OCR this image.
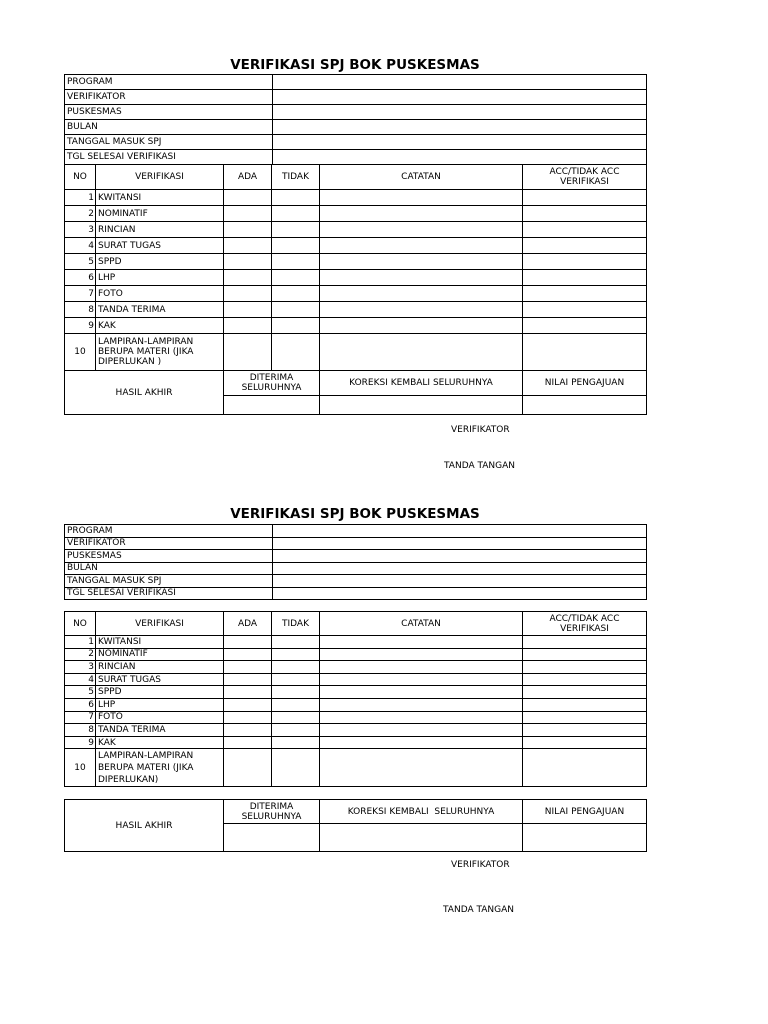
VERIFIKASI SPJ BOK PUSKESMAS
PROGRAM	
VERIFIKATOR	
PUSKESMAS	
BULAN	
TANGGAL MASUK SPJ	
TGL SELESAI VERIFIKASI	
NO	VERIFIKASI	ADA	TIDAK	CATATAN	ACC/TIDAK ACC VERIFIKASI
1	KWITANSI				
2	NOMINATIF				
3	RINCIAN				
4	SURAT TUGAS				
5	SPPD				
6	LHP				
7	FOTO				
8	TANDA TERIMA				
9	KAK				
10	LAMPIRAN-LAMPIRAN BERUPA MATERI (JIKA DIPERLUKAN )				
HASIL AKHIR		DITERIMA SELURUHNYA		KOREKSI KEMBALI SELURUHNYA	NILAI PENGAJUAN

VERIFIKATOR
TANDA TANGAN
VERIFIKASI SPJ BOK PUSKESMAS
PROGRAM	
VERIFIKATOR	
PUSKESMAS	
BULAN	
TANGGAL MASUK SPJ	
TGL SELESAI VERIFIKASI	
NO	VERIFIKASI	ADA	TIDAK	CATATAN	ACC/TIDAK ACC VERIFIKASI
1	KWITANSI				
2	NOMINATIF				
3	RINCIAN				
4	SURAT TUGAS				
5	SPPD				
6	LHP				
7	FOTO				
8	TANDA TERIMA				
9	KAK				
10	LAMPIRAN-LAMPIRAN BERUPA MATERI (JIKA DIPERLUKAN)				
HASIL AKHIR	DITERIMA SELURUHNYA	KOREKSI KEMBALI  SELURUHNYA	NILAI PENGAJUAN

VERIFIKATOR
TANDA TANGAN
